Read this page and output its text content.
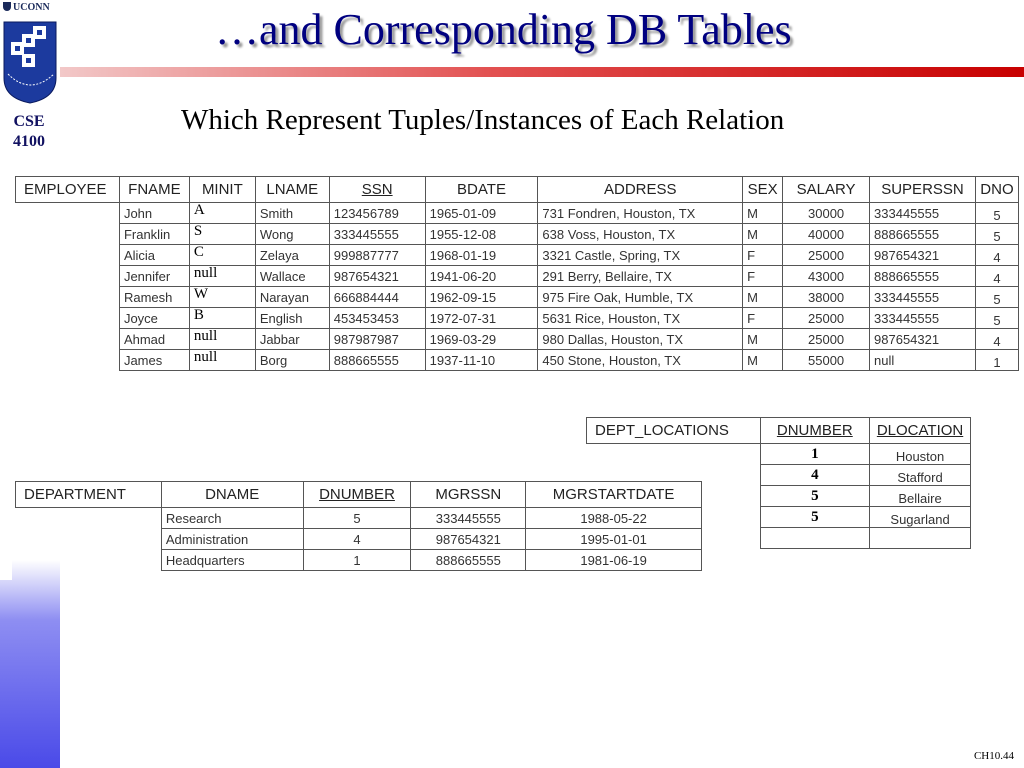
UCONN
CSE
4100
…and Corresponding DB Tables
Which Represent Tuples/Instances of Each Relation
EMPLOYEE	FNAME	MINIT	LNAME	SSN	BDATE	ADDRESS	SEX	SALARY	SUPERSSN	DNO
	John	A	Smith	123456789	1965-01-09	731 Fondren, Houston, TX	M	30000	333445555	5
	Franklin	S	Wong	333445555	1955-12-08	638 Voss, Houston, TX	M	40000	888665555	5
	Alicia	C	Zelaya	999887777	1968-01-19	3321 Castle, Spring, TX	F	25000	987654321	4
	Jennifer	null	Wallace	987654321	1941-06-20	291 Berry, Bellaire, TX	F	43000	888665555	4
	Ramesh	W	Narayan	666884444	1962-09-15	975 Fire Oak, Humble, TX	M	38000	333445555	5
	Joyce	B	English	453453453	1972-07-31	5631 Rice, Houston, TX	F	25000	333445555	5
	Ahmad	null	Jabbar	987987987	1969-03-29	980 Dallas, Houston, TX	M	25000	987654321	4
	James	null	Borg	888665555	1937-11-10	450 Stone, Houston, TX	M	55000	null	1
DEPT_LOCATIONS	DNUMBER	DLOCATION
	1	Houston
	4	Stafford
	5	Bellaire
	5	Sugarland

DEPARTMENT	DNAME	DNUMBER	MGRSSN	MGRSTARTDATE
	Research	5	333445555	1988-05-22
	Administration	4	987654321	1995-01-01
	Headquarters	1	888665555	1981-06-19
CH10.44
